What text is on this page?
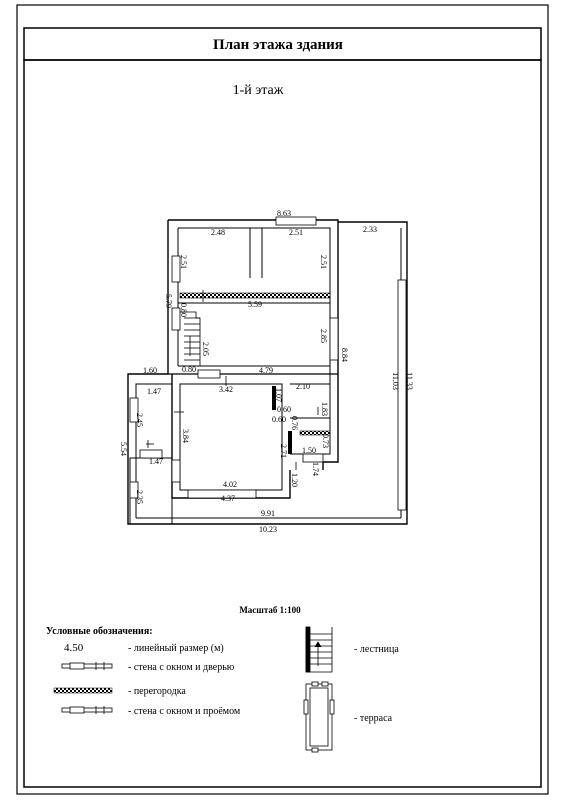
План этажа здания
1-й этаж
8.63
2.48	2.51	2.33
2.51	2.51
5.79
0.80	5.59
2.05
2.85
0.80
8.84
11.03 11.33
1.60	4.79
1.47	3.42	1.07
2.10
0.60
2.45
1.83
0.60 0.76
3.84	0.73
5.54
1.47
2.71 1.50
1.74
1.20
4.02
4.37
2.35
9.91
10.23
Масштаб 1:100
Условные обозначения:
4.50	- линейный размер (м)
- стена с окном и дверью
- перегородка
- стена с окном и проёмом
- лестница
- терраса
